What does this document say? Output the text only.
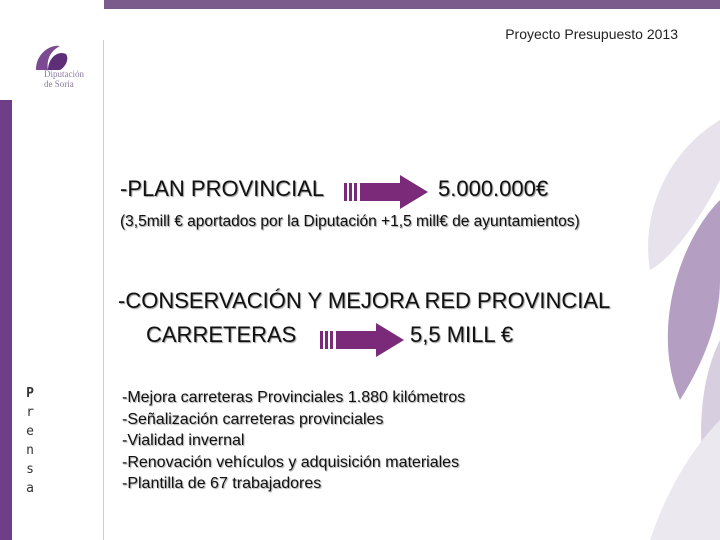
Proyecto Presupuesto 2013
Diputación
de Soria
P
r
e
n
s
a
-PLAN PROVINCIAL	5.000.000€
(3,5mill € aportados por la Diputación +1,5 mill€ de ayuntamientos)
-CONSERVACIÓN Y MEJORA RED PROVINCIAL
CARRETERAS	5,5 MILL €
-Mejora carreteras Provinciales 1.880 kilómetros
-Señalización carreteras provinciales
-Vialidad invernal
-Renovación vehículos y adquisición materiales
-Plantilla de 67 trabajadores
